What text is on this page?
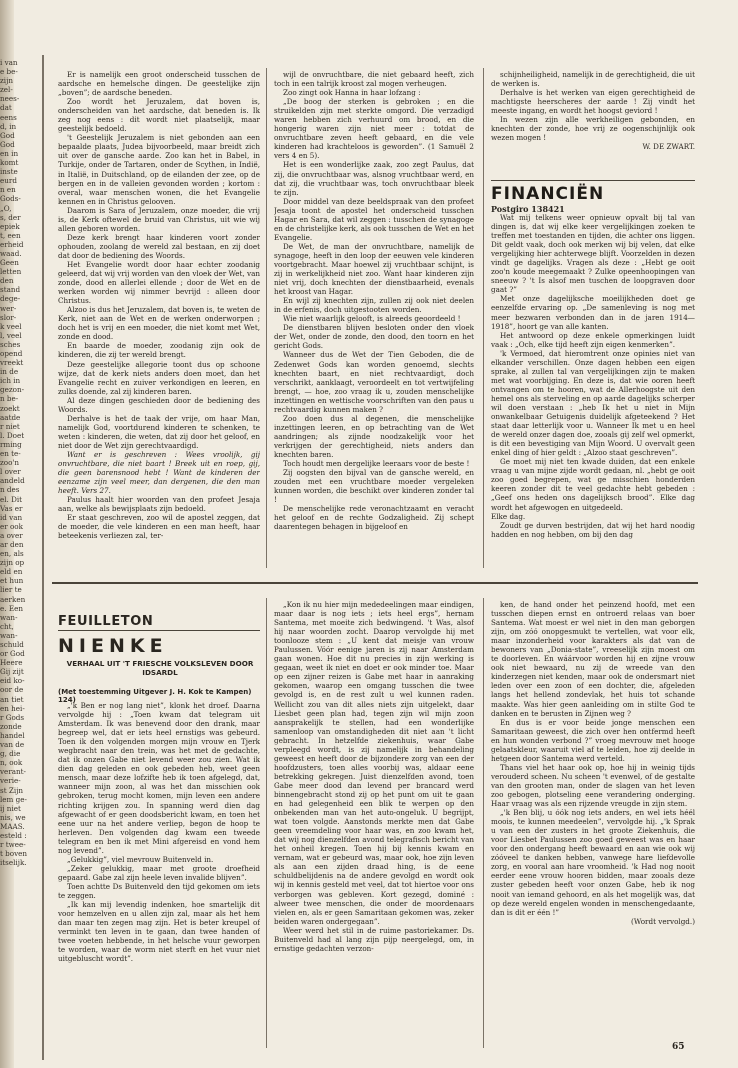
i van
e be-
zijn
zel-
nees-
dat
eens
d, in
God
God
en in
komt
inste
eurd
n en
Gods-
„O,
s, der
epiek
t, een
erheid
waad.
Geen
letten
den
stand
dege-
wer-
slor-
k veel
l, veel
sches
opend
vreekt
in de
ich in
gezon-
n be-
zoekt
aatde
r niet
l. Doet
rming
en te-
zoo'n
l over
andeld
n des
el. Dit
Vas er
id van
er ook
a over
ar den
en, als
zijn op
eld en
et hun
lier te
aerken
e. Een
wan-
cht,
wan-
schuld
or God
Heere
Gij zijt
eid ko-
oor de
an tiet
en hei-
r Gods
zonde
handel
van de
g, die
n, ook
verant-
verie-
st Zijn
lem ge-
ij niet
nis, we
MAAS.
esteld :
r twee-
t boven
itselijk.

Er is namelijk een groot onderscheid tusschen de aardsche en hemelsche dingen. De geestelijke zijn „boven”; de aardsche beneden.

Zoo wordt het Jeruzalem, dat boven is, onderscheiden van het aardsche, dat beneden is. Ik zeg nog eens : dit wordt niet plaatselijk, maar geestelijk bedoeld.

't Geestelijk Jeruzalem is niet gebonden aan een bepaalde plaats, Judea bijvoorbeeld, maar breidt zich uit over de gansche aarde. Zoo kan het in Babel, in Turkije, onder de Tartaren, onder de Scythen, in Indië, in Italië, in Duitschland, op de eilanden der zee, op de bergen en in de valleien gevonden worden ; kortom : overal, waar menschen wonen, die het Evangelie kennen en in Christus gelooven.

Daarom is Sara of Jeruzalem, onze moeder, die vrij is, de Kerk oftewel de bruid van Christus, uit wie wij allen geboren worden.

Deze kerk brengt haar kinderen voort zonder ophouden, zoolang de wereld zal bestaan, en zij doet dat door de bediening des Woords.

Het Evangelie wordt door haar echter zoodanig geleerd, dat wij vrij worden van den vloek der Wet, van zonde, dood en allerlei ellende ; door de Wet en de werken worden wij nimmer bevrijd : alleen door Christus.

Alzoo is dus het Jeruzalem, dat boven is, te weten de Kerk, niet aan de Wet en de werken onderworpen ; doch het is vrij en een moeder, die niet komt met Wet, zonde en dood.

En baarde de moeder, zoodanig zijn ook de kinderen, die zij ter wereld brengt.

Deze geestelijke allegorie toont dus op schoone wijze, dat de kerk niets anders doen moet, dan het Evangelie recht en zuiver verkondigen en leeren, en zulks doende, zal zij kinderen baren.

Al deze dingen geschieden door de bediening des Woords.

Derhalve is het de taak der vrije, om haar Man, namelijk God, voortdurend kinderen te schenken, te weten : kinderen, die weten, dat zij door het geloof, en niet door de Wet zijn gerechtvaardigd.

Want er is geschreven : Wees vroolijk, gij onvruchtbare, die niet baart ! Breek uit en roep, gij, die geen barensnood hebt ! Want de kinderen der eenzame zijn veel meer, dan dergenen, die den man heeft. Vers 27.

Paulus haalt hier woorden van den profeet Jesaja aan, welke als bewijsplaats zijn bedoeld.

Er staat geschreven, zoo wil de apostel zeggen, dat de moeder, die vele kinderen en een man heeft, haar beteekenis verliezen zal, ter-

wijl de onvruchtbare, die niet gebaard heeft, zich toch in een talrijk kroost zal mogen verheugen.

Zoo zingt ook Hanna in haar lofzang :

„De boog der sterken is gebroken ; en die struikelden zijn met sterkte omgord. Die verzadigd waren hebben zich verhuurd om brood, en die hongerig waren zijn niet meer : totdat de onvruchtbare zeven heeft gebaard, en die vele kinderen had krachteloos is geworden”. (1 Samuël 2 vers 4 en 5).

Het is een wonderlijke zaak, zoo zegt Paulus, dat zij, die onvruchtbaar was, alsnog vruchtbaar werd, en dat zij, die vruchtbaar was, toch onvruchtbaar bleek te zijn.

Door middel van deze beeldspraak van den profeet Jesaja toont de apostel het onderscheid tusschen Hagar en Sara, dat wil zeggen : tusschen de synagoge en de christelijke kerk, als ook tusschen de Wet en het Evangelie.

De Wet, de man der onvruchtbare, namelijk de synagoge, heeft in den loop der eeuwen vele kinderen voortgebracht. Maar hoewel zij vruchtbaar schijnt, is zij in werkelijkheid niet zoo. Want haar kinderen zijn niet vrij, doch knechten der dienstbaarheid, evenals het kroost van Hagar.

En wijl zij knechten zijn, zullen zij ook niet deelen in de erfenis, doch uitgestooten worden.

Wie niet waarlijk gelooft, is alreeds geoordeeld !

De dienstbaren blijven besloten onder den vloek der Wet, onder de zonde, den dood, den toorn en het gericht Gods.

Wanneer dus de Wet der Tien Geboden, die de Zedenwet Gods kan worden genoemd, slechts knechten baart, en niet rechtvaardigt, doch verschrikt, aanklaagt, veroordeelt en tot vertwijfeling brengt, — hoe, zoo vraag ik u, zouden menschelijke inzettingen en wettische voorschriften van den paus u rechtvaardig kunnen maken ?

Zoo doen dus al degenen, die menschelijke inzettingen leeren, en op betrachting van de Wet aandringen; als zijnde noodzakelijk voor het verkrijgen der gerechtigheid, niets anders dan knechten baren.

Toch houdt men dergelijke leeraars voor de beste !

Zij oogsten den bijval van de gansche wereld, en zouden met een vruchtbare moeder vergeleken kunnen worden, die beschikt over kinderen zonder tal !

De menschelijke rede veronachtzaamt en veracht het geloof en de rechte Godzaligheid. Zij schept daarentegen behagen in bijgeloof en

schijnheiligheid, namelijk in de gerechtigheid, die uit de werken is.

Derhalve is het werken van eigen gerechtigheid de machtigste heerscheres der aarde ! Zij vindt het meeste ingang, en wordt het hoogst geviord !

In wezen zijn alle werkheiligen gebonden, en knechten der zonde, hoe vrij ze oogenschijnlijk ook wezen mogen !

W. DE ZWART.

FINANCIËN
Postgiro 138421

Wat mij telkens weer opnieuw opvalt bij tal van dingen is, dat wij elke keer vergelijkingen zoeken te treffen met toestanden en tijden, die achter ons liggen. Dit geldt vaak, doch ook merken wij bij velen, dat elke vergelijking hier achterwege blijft. Voorzelden in dezen vindt ge dagelijks. Vragen als deze : „Hebt ge ooit zoo'n koude meegemaakt ? Zulke opeenhoopingen van sneeuw ? 't Is alsof men tuschen de loopgraven door gaat ?”

Met onze dagelijksche moeilijkheden doet ge eenzelfde ervaring op. „De samenleving is nog met meer bezwaren verbonden dan in de jaren 1914—1918”, hoort ge van alle kanten.

Het antwoord op deze enkele opmerkingen luidt vaak : „Och, elke tijd heeft zijn eigen kenmerken”.

'k Vermoed, dat hieromtrent onze opinies niet van elkander verschillen. Onze dagen hebben een eigen sprake, al zullen tal van vergelijkingen zijn te maken met wat voorbijging. En deze is, dat wie ooren heeft ontvangen om te hooren, wat de Allerhoogste uit den hemel ons als sterveling en op aarde dagelijks scherper wil doen verstaan : „heb Ik het u niet in Mijn onwankelbaar Getuigenis duidelijk afgeteekend ? Het staat daar letterlijk voor u. Wanneer Ik met u en heel de wereld onzer dagen doe, zooals gij zelf wel opmerkt, is dit een bevestiging van Mijn Woord. U overvalt geen enkel ding of hier geldt : „Alzoo staat geschreven”.

Ge moet mij niet ten kwade duiden, dat een enkele vraag u van mijne zijde wordt gedaan, nl. „hebt ge ooit zoo goed begrepen, wat ge misschien honderden keeren zonder dit te veel gedachte hebt gebeden : „Geef ons heden ons dagelijksch brood”. Elke dag wordt het afgewogen en uitgedeeld.

Elke dag.

Zoudt ge durven bestrijden, dat wij het hard noodig hadden en nog hebben, om bij den dag

FEUILLETON
NIENKE
VERHAAL UIT 'T FRIESCHE VOLKSLEVEN DOOR IDSARDL
(Met toestemming Uitgever J. H. Kok te Kampen) 124)

„'k Ben er nog lang niet”, klonk het droef. Daarna vervolgde hij : „Toen kwam dat telegram uit Amsterdam. Ik was benevend door den drank, maar begreep wel, dat er iets heel ernstigs was gebeurd. Toen ik den volgenden morgen mijn vrouw en Tjerk wegbracht naar den trein, was het met de gedachte, dat ik onzen Gabe niet levend weer zou zien. Wat ik dien dag geleden en ook gebeden heb, weet geen mensch, maar deze lofzifte heb ik toen afgelegd, dat, wanneer mijn zoon, al was het dan misschien ook gebroken, terug mocht komen, mijn leven een andere richting krijgen zou. In spanning werd dien dag afgewacht of er geen doodsbericht kwam, en toen het eene uur na het andere verliep, begon de hoop te herleven. Den volgenden dag kwam een tweede telegram en ben ik met Mini afgereisd en vond hem nog levend”.

„Gelukkig”, viel mevrouw Buitenveld in.

„Zeker gelukkig, maar met groote droefheid gepaard. Gabe zal zijn heele leven invalide blijven”.

Toen achtte Ds Buitenveld den tijd gekomen om iets te zeggen.

„Ik kan mij levendig indenken, hoe smartelijk dit voor hemzelven en u allen zijn zal, maar als het hem dan maar ten zegen mag zijn. Het is beter kreupel of verminkt ten leven in te gaan, dan twee handen of twee voeten hebbende, in het helsche vuur geworpen te worden, waar de worm niet sterft en het vuur niet uitgebluscht wordt”.

„Kon ik nu hier mijn mededeelingen maar eindigen, maar daar is nog iets ; iets heel ergs”, hernam Santema, met moeite zich bedwingend. 't Was, alsof hij naar woorden zocht. Daarop vervolgde hij met toonlooze stem : „U kent dat meisje van vrouw Paulussen. Vóór eenige jaren is zij naar Amsterdam gaan wonen. Hoe dit nu precies in zijn werking is gegaan, weet ik niet en doet er ook minder toe. Maar op een zijner reizen is Gabe met haar in aanraking gekomen, waarop een omgang tusschen die twee gevolgd is, en de rest zult u wel kunnen raden. Wellicht zou van dit alles niets zijn uitgelekt, daar Liesbet geen plan had, tegen zijn wil mijn zoon aansprakelijk te stellen, had een wonderlijke samenloop van omstandigheden dit niet aan 't licht gebracht. In hetzelfde ziekenhuis, waar Gabe verpleegd wordt, is zij namelijk in behandeling geweest en heeft door de bijzondere zorg van een der hoofdzusters, toen alles voorbij was, aldaar eene betrekking gekregen. Juist dienzelfden avond, toen Gabe meer dood dan levend per brancard werd binnengebracht stond zij op het punt om uit te gaan en had gelegenheid een blik te werpen op den onbekenden man van het auto-ongeluk. U begrijpt, wat toen volgde. Aanstonds merkte men dat Gabe geen vreemdeling voor haar was, en zoo kwam het, dat wij nog dienzelfden avond telegrafisch bericht van het onheil kregen. Toen hij bij kennis kwam en vernam, wat er gebeurd was, maar ook, hoe zijn leven als aan een zijden draad hing, is de eene schuldbelijdenis na de andere gevolgd en wordt ook wij in kennis gesteld met veel, dat tot hiertoe voor ons verborgen was gebleven. Kort gezegd, dominé : alweer twee menschen, die onder de moordenaars vielen en, als er geen Samaritaan gekomen was, zeker beiden waren ondergegaan”.

Weer werd het stil in de ruime pastoriekamer. Ds. Buitenveld had al lang zijn pijp neergelegd, om, in ernstige gedachten verzon-

ken, de hand onder het peinzend hoofd, met een tusschen diepen ernst en ontroerd relaas van boer Santema. Wat moest er wel niet in den man geborgen zijn, om zóó onopgesmukt te vertellen, wat voor elk, maar inzonderheid voor karakters als dat van de bewoners van „Donia-state”, vreeselijk zijn moest om te doorleven. En wáárvoor worden hij en zijne vrouw ook niet bewaard, nu zij de wreede van den kinderzegen niet kenden, maar ook de ondersmart niet leden over een zoon of een dochter, die, afgeleden langs het hellend zondevlak, het huis tot schande maakte. Was hier geen aanleiding om in stilte God te danken en te berusten in Zijnen weg ?

En dus is er voor beide jonge menschen een Samaritaan geweest, die zich over hen ontfermd heeft en hun wonden verbond ?” vroeg mevrouw met hooge gelaatskleur, waaruit viel af te leiden, hoe zij deelde in hetgeen door Santema werd verteld.

Thans viel het haar ook op, hoe hij in weinig tijds verouderd scheen. Nu scheen 't evenwel, of de gestalte van den grooten man, onder de slagen van het leven zoo gebogen, plotseling eene verandering onderging. Haar vraag was als een rijzende vreugde in zijn stem.

„'k Ben blij, u óók nog iets anders, en wel iets héél moois, te kunnen meedeelen”, vervolgde hij. „'k Sprak u van een der zusters in het groote Ziekenhuis, die voor Liesbet Paulussen zoo goed geweest was en haar voor den ondergang heeft bewaard en aan wie ook wij zóóveel te danken hebben, vanwege hare liefdevolle zorg, en vooral aan hare vroomheid. 'k Had nog nooit eerder eene vrouw hooren bidden, maar zooals deze zuster gebeden heeft voor onzen Gabe, heb ik nog nooit van iemand gehoord, en als het mogelijk was, dat op deze wereld engelen wonden in menschengedaante, dan is dit er één !”

(Wordt vervolgd.)

65
